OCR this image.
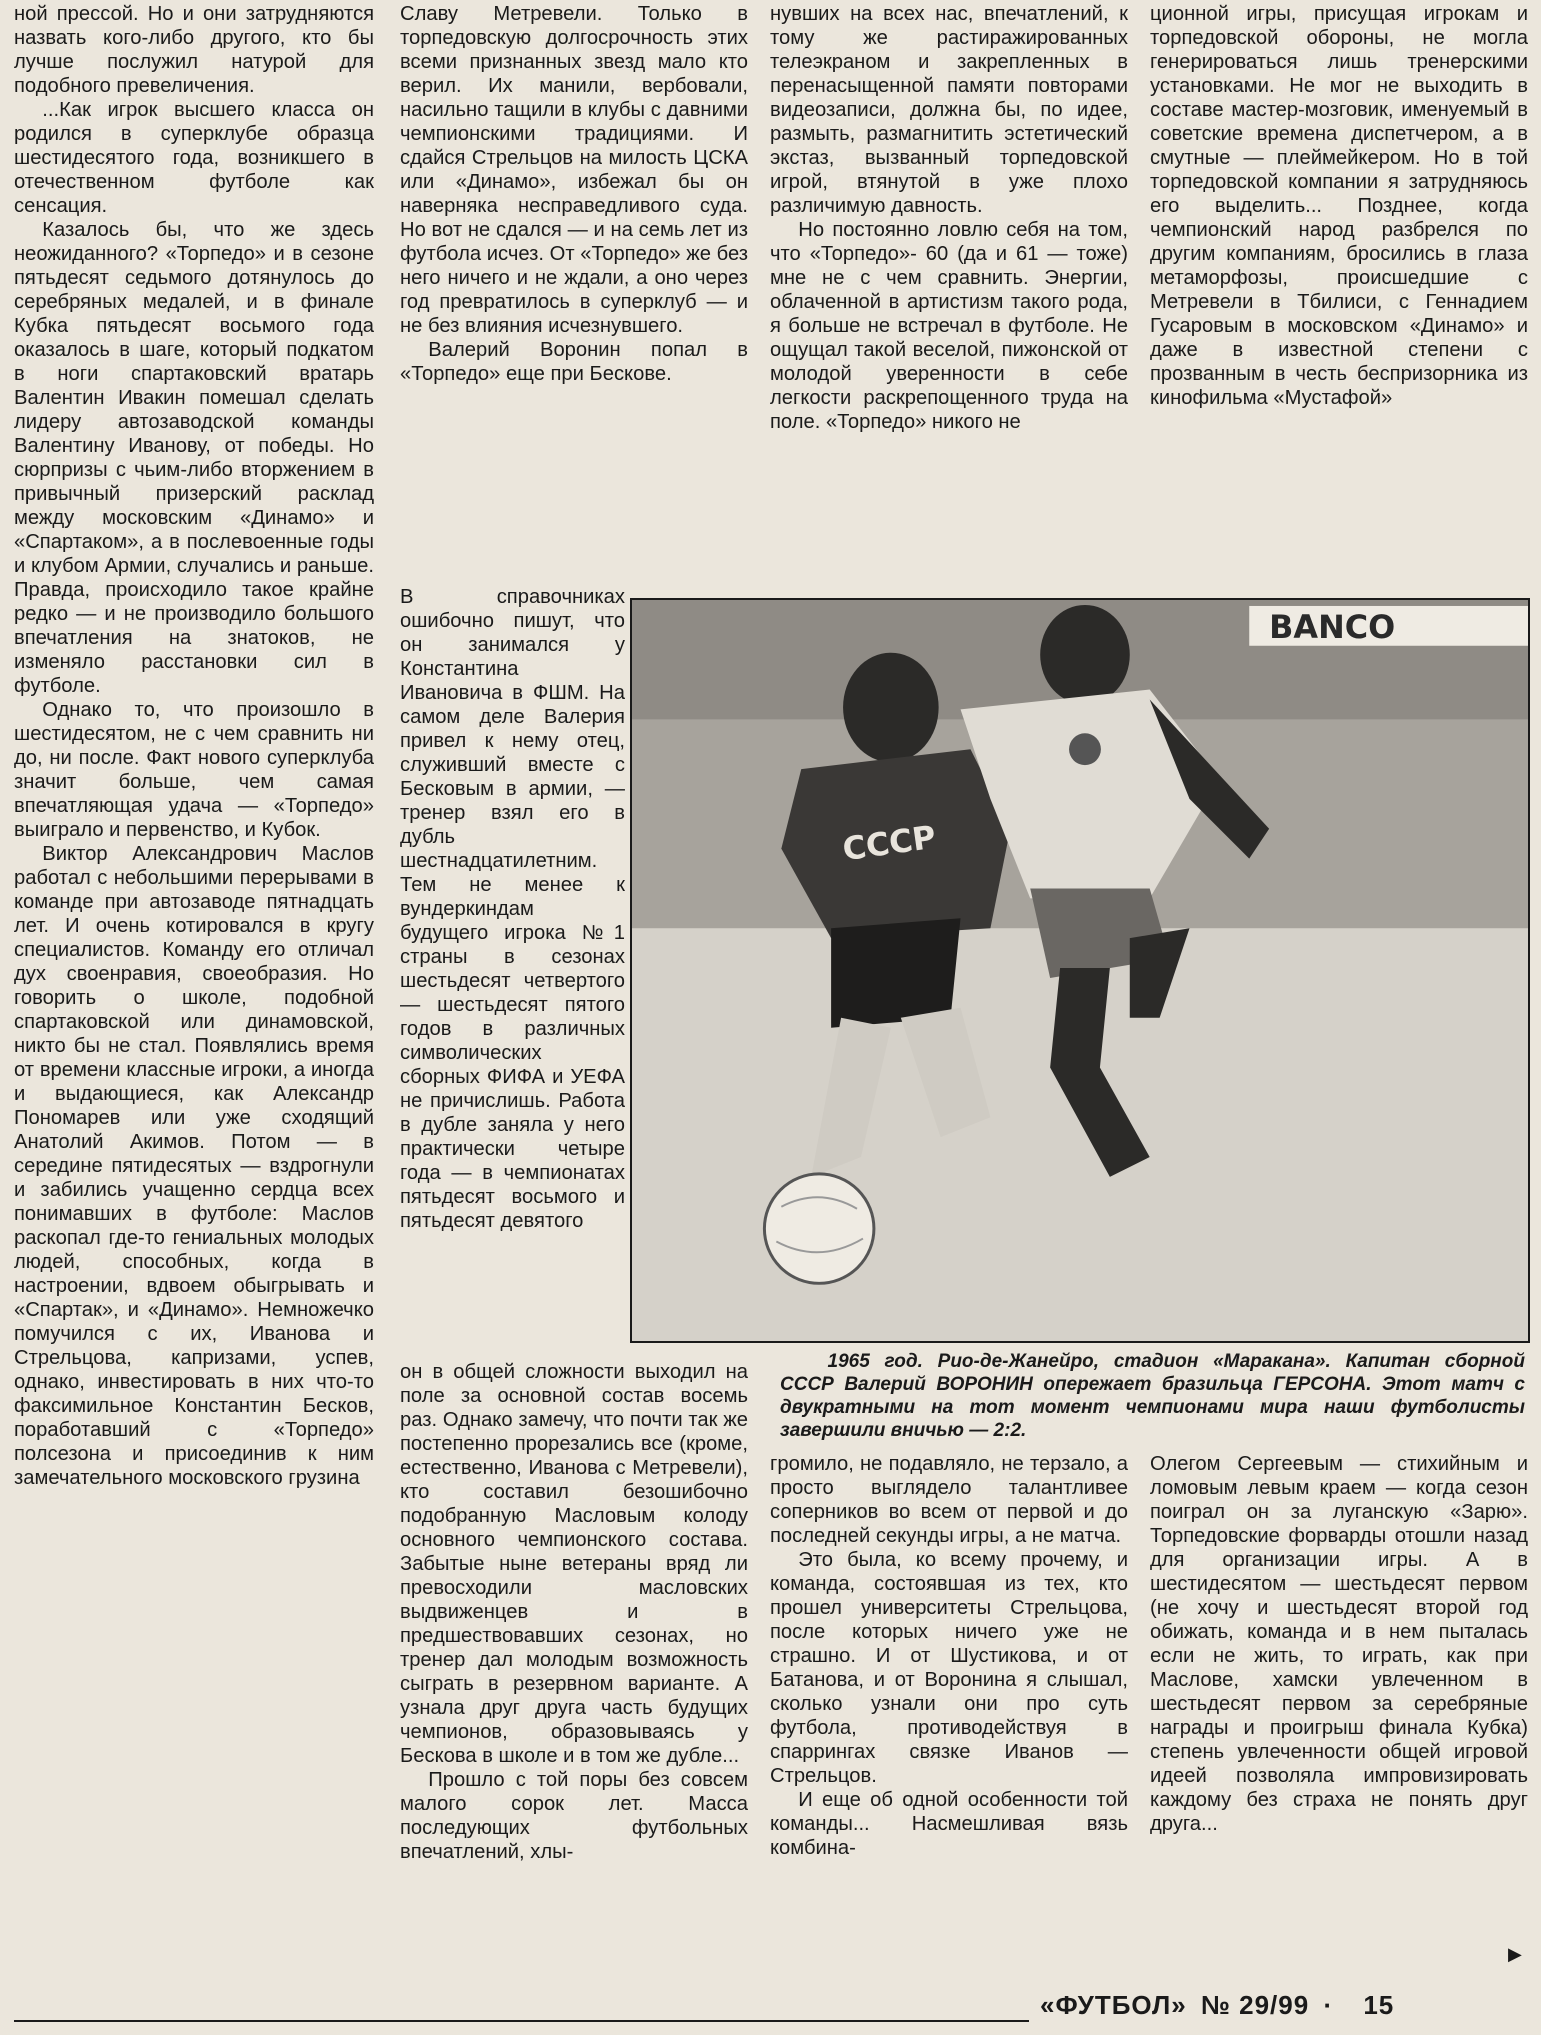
ной прессой. Но и они затрудняются назвать кого-либо другого, кто бы лучше послужил натурой для подобного превеличения.

...Как игрок высшего класса он родился в суперклубе образца шестидесятого года, возникшего в отечественном футболе как сенсация.

Казалось бы, что же здесь неожиданного? «Торпедо» и в сезоне пятьдесят седьмого дотянулось до серебряных медалей, и в финале Кубка пятьдесят восьмого года оказалось в шаге, который подкатом в ноги спартаковский вратарь Валентин Ивакин помешал сделать лидеру автозаводской команды Валентину Иванову, от победы. Но сюрпризы с чьим-либо вторжением в привычный призерский расклад между московским «Динамо» и «Спартаком», а в послевоенные годы и клубом Армии, случались и раньше. Правда, происходило такое крайне редко — и не производило большого впечатления на знатоков, не изменяло расстановки сил в футболе.

Однако то, что произошло в шестидесятом, не с чем сравнить ни до, ни после. Факт нового суперклуба значит больше, чем самая впечатляющая удача — «Торпедо» выиграло и первенство, и Кубок.

Виктор Александрович Маслов работал с небольшими перерывами в команде при автозаводе пятнадцать лет. И очень котировался в кругу специалистов. Команду его отличал дух своенравия, своеобразия. Но говорить о школе, подобной спартаковской или динамовской, никто бы не стал. Появлялись время от времени классные игроки, а иногда и выдающиеся, как Александр Пономарев или уже сходящий Анатолий Акимов. Потом — в середине пятидесятых — вздрогнули и забились учащенно сердца всех понимавших в футболе: Маслов раскопал где-то гениальных молодых людей, способных, когда в настроении, вдвоем обыгрывать и «Спартак», и «Динамо». Немножечко помучился с их, Иванова и Стрельцова, капризами, успев, однако, инвестировать в них что-то факсимильное Константин Бесков, поработавший с «Торпедо» полсезона и присоединив к ним замечательного московского грузина

Славу Метревели. Только в торпедовскую долгосрочность этих всеми признанных звезд мало кто верил. Их манили, вербовали, насильно тащили в клубы с давними чемпионскими традициями. И сдайся Стрельцов на милость ЦСКА или «Динамо», избежал бы он наверняка несправедливого суда. Но вот не сдался — и на семь лет из футбола исчез. От «Торпедо» же без него ничего и не ждали, а оно через год превратилось в суперклуб — и не без влияния исчезнувшего.

Валерий Воронин попал в «Торпедо» еще при Бескове.

В справочниках ошибочно пишут, что он занимался у Константина Ивановича в ФШМ. На самом деле Валерия привел к нему отец, служивший вместе с Бесковым в армии, — тренер взял его в дубль шестнадцатилетним. Тем не менее к вундеркиндам будущего игрока №1 страны в сезонах шестьдесят четвертого — шестьдесят пятого годов в различных символических сборных ФИФА и УЕФА не причислишь. Работа в дубле заняла у него практически четыре года — в чемпионатах пятьдесят восьмого и пятьдесят девятого

он в общей сложности выходил на поле за основной состав восемь раз. Однако замечу, что почти так же постепенно прорезались все (кроме, естественно, Иванова с Метревели), кто составил безошибочно подобранную Масловым колоду основного чемпионского состава. Забытые ныне ветераны вряд ли превосходили масловских выдвиженцев и в предшествовавших сезонах, но тренер дал молодым возможность сыграть в резервном варианте. А узнала друг друга часть будущих чемпионов, образовываясь у Бескова в школе и в том же дубле...

Прошло с той поры без совсем малого сорок лет. Масса последующих футбольных впечатлений, хлы-

нувших на всех нас, впечатлений, к тому же растиражированных телеэкраном и закрепленных в перенасыщенной памяти повторами видеозаписи, должна бы, по идее, размыть, размагнитить эстетический экстаз, вызванный торпедовской игрой, втянутой в уже плохо различимую давность.

Но постоянно ловлю себя на том, что «Торпедо»- 60 (да и 61 — тоже) мне не с чем сравнить. Энергии, облаченной в артистизм такого рода, я больше не встречал в футболе. Не ощущал такой веселой, пижонской от молодой уверенности в себе легкости раскрепощенного труда на поле. «Торпедо» никого не

громило, не подавляло, не терзало, а просто выглядело талантливее соперников во всем от первой и до последней секунды игры, а не матча.

Это была, ко всему прочему, и команда, состоявшая из тех, кто прошел университеты Стрельцова, после которых ничего уже не страшно. И от Шустикова, и от Батанова, и от Воронина я слышал, сколько узнали они про суть футбола, противодействуя в спаррингах связке Иванов — Стрельцов.

И еще об одной особенности той команды... Насмешливая вязь комбина-

ционной игры, присущая игрокам и торпедовской обороны, не могла генерироваться лишь тренерскими установками. Не мог не выходить в составе мастер-мозговик, именуемый в советские времена диспетчером, а в смутные — плеймейкером. Но в той торпедовской компании я затрудняюсь его выделить... Позднее, когда чемпионский народ разбрелся по другим компаниям, бросились в глаза метаморфозы, происшедшие с Метревели в Тбилиси, с Геннадием Гусаровым в московском «Динамо» и даже в известной степени с прозванным в честь беспризорника из кинофильма «Мустафой»

Олегом Сергеевым — стихийным и ломовым левым краем — когда сезон поиграл он за луганскую «Зарю». Торпедовские форварды отошли назад для организации игры. А в шестидесятом — шестьдесят первом (не хочу и шестьдесят второй год обижать, команда и в нем пыталась если не жить, то играть, как при Маслове, хамски увлеченном в шестьдесят первом за серебряные награды и проигрыш финала Кубка) степень увлеченности общей игровой идеей позволяла импровизировать каждому без страха не понять друг друга...

BANCO
СССР
1965 год. Рио-де-Жанейро, стадион «Маракана». Капитан сборной СССР Валерий ВОРОНИН опережает бразильца ГЕРСОНА. Этот матч с двукратными на тот момент чемпионами мира наши футболисты завершили вничью — 2:2.
▶
«ФУТБОЛ» № 29/99 · 15
